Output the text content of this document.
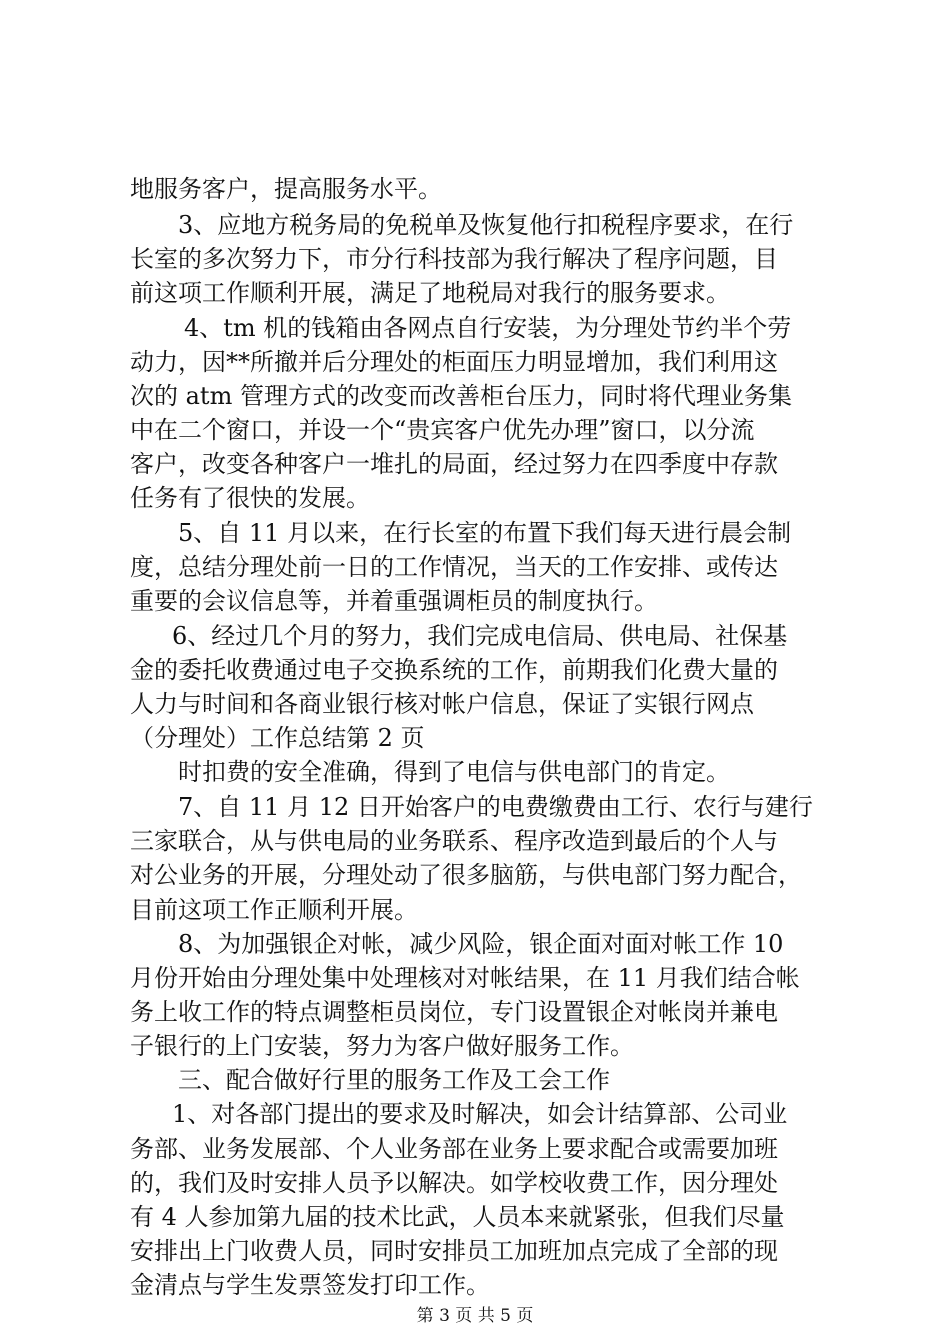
地服务客户，提高服务水平。
3、应地方税务局的免税单及恢复他行扣税程序要求，在行
长室的多次努力下，市分行科技部为我行解决了程序问题，目
前这项工作顺利开展，满足了地税局对我行的服务要求。
4、tm 机的钱箱由各网点自行安装，为分理处节约半个劳
动力，因**所撤并后分理处的柜面压力明显增加，我们利用这
次的 atm 管理方式的改变而改善柜台压力，同时将代理业务集
中在二个窗口，并设一个“贵宾客户优先办理”窗口，以分流
客户，改变各种客户一堆扎的局面，经过努力在四季度中存款
任务有了很快的发展。
5、自 11 月以来，在行长室的布置下我们每天进行晨会制
度，总结分理处前一日的工作情况，当天的工作安排、或传达
重要的会议信息等，并着重强调柜员的制度执行。
6、经过几个月的努力，我们完成电信局、供电局、社保基
金的委托收费通过电子交换系统的工作，前期我们化费大量的
人力与时间和各商业银行核对帐户信息，保证了实银行网点
（分理处）工作总结第 2 页
时扣费的安全准确，得到了电信与供电部门的肯定。
7、自 11 月 12 日开始客户的电费缴费由工行、农行与建行
三家联合，从与供电局的业务联系、程序改造到最后的个人与
对公业务的开展，分理处动了很多脑筋，与供电部门努力配合，
目前这项工作正顺利开展。
8、为加强银企对帐，减少风险，银企面对面对帐工作 10
月份开始由分理处集中处理核对对帐结果，在 11 月我们结合帐
务上收工作的特点调整柜员岗位，专门设置银企对帐岗并兼电
子银行的上门安装，努力为客户做好服务工作。
三、配合做好行里的服务工作及工会工作
1、对各部门提出的要求及时解决，如会计结算部、公司业
务部、业务发展部、个人业务部在业务上要求配合或需要加班
的，我们及时安排人员予以解决。如学校收费工作，因分理处
有 4 人参加第九届的技术比武，人员本来就紧张，但我们尽量
安排出上门收费人员，同时安排员工加班加点完成了全部的现
金清点与学生发票签发打印工作。
第 3 页 共 5 页
